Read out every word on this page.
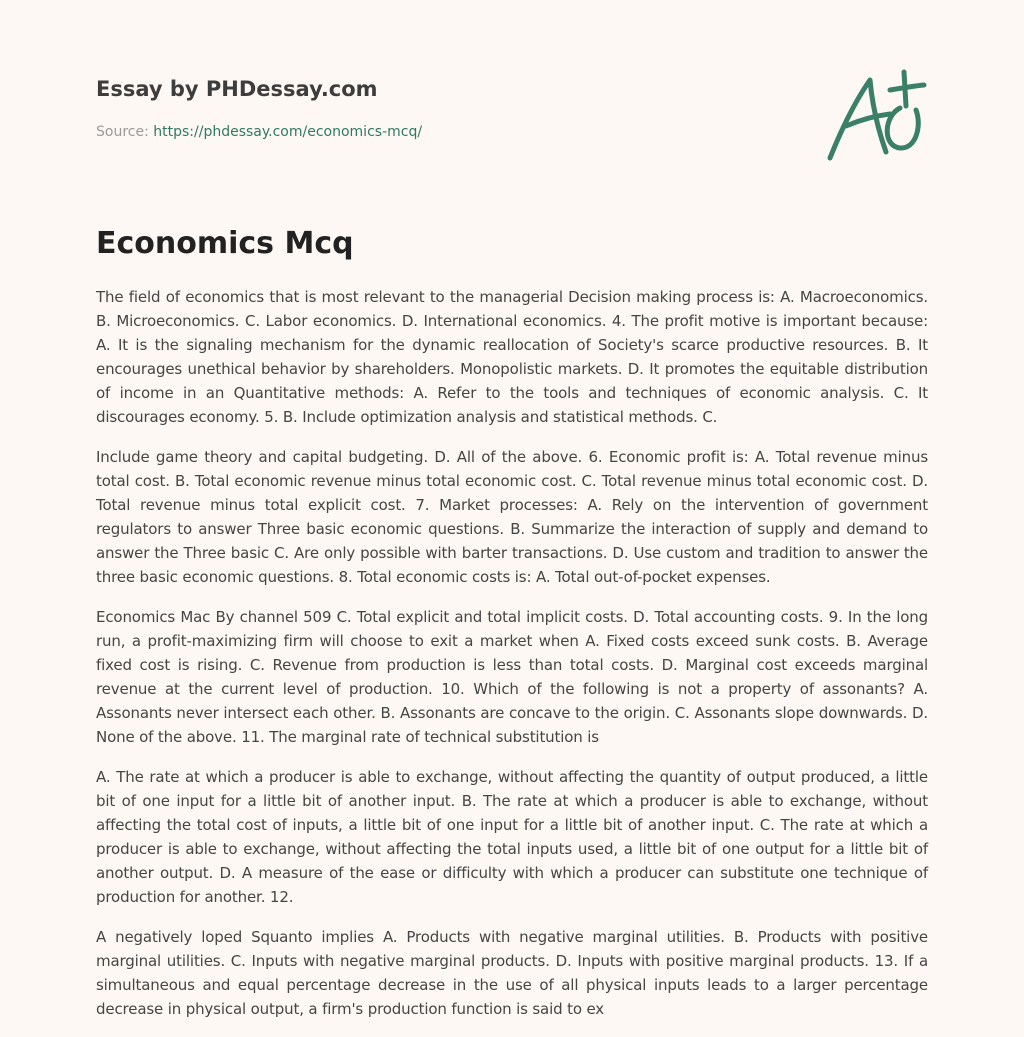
Essay by PHDessay.com
Source: https://phdessay.com/economics-mcq/
Economics Mcq

The field of economics that is most relevant to the managerial Decision making process is: A. Macroeconomics. B. Microeconomics. C. Labor economics. D. International economics. 4. The profit motive is important because: A. It is the signaling mechanism for the dynamic reallocation of Society's scarce productive resources. B. It encourages unethical behavior by shareholders. Monopolistic markets. D. It promotes the equitable distribution of income in an Quantitative methods: A. Refer to the tools and techniques of economic analysis. C. It discourages economy. 5. B. Include optimization analysis and statistical methods. C.

Include game theory and capital budgeting. D. All of the above. 6. Economic profit is: A. Total revenue minus total cost. B. Total economic revenue minus total economic cost. C. Total revenue minus total economic cost. D. Total revenue minus total explicit cost. 7. Market processes: A. Rely on the intervention of government regulators to answer Three basic economic questions. B. Summarize the interaction of supply and demand to answer the Three basic C. Are only possible with barter transactions. D. Use custom and tradition to answer the three basic economic questions. 8. Total economic costs is: A. Total out-of-pocket expenses.

Economics Mac By channel 509 C. Total explicit and total implicit costs. D. Total accounting costs. 9. In the long run, a profit-maximizing firm will choose to exit a market when A. Fixed costs exceed sunk costs. B. Average fixed cost is rising. C. Revenue from production is less than total costs. D. Marginal cost exceeds marginal revenue at the current level of production. 10. Which of the following is not a property of assonants? A. Assonants never intersect each other. B. Assonants are concave to the origin. C. Assonants slope downwards. D. None of the above. 11. The marginal rate of technical substitution is

A. The rate at which a producer is able to exchange, without affecting the quantity of output produced, a little bit of one input for a little bit of another input. B. The rate at which a producer is able to exchange, without affecting the total cost of inputs, a little bit of one input for a little bit of another input. C. The rate at which a producer is able to exchange, without affecting the total inputs used, a little bit of one output for a little bit of another output. D. A measure of the ease or difficulty with which a producer can substitute one technique of production for another. 12.

A negatively loped Squanto implies A. Products with negative marginal utilities. B. Products with positive marginal utilities. C. Inputs with negative marginal products. D. Inputs with positive marginal products. 13. If a simultaneous and equal percentage decrease in the use of all physical inputs leads to a larger percentage decrease in physical output, a firm's production function is said to ex
